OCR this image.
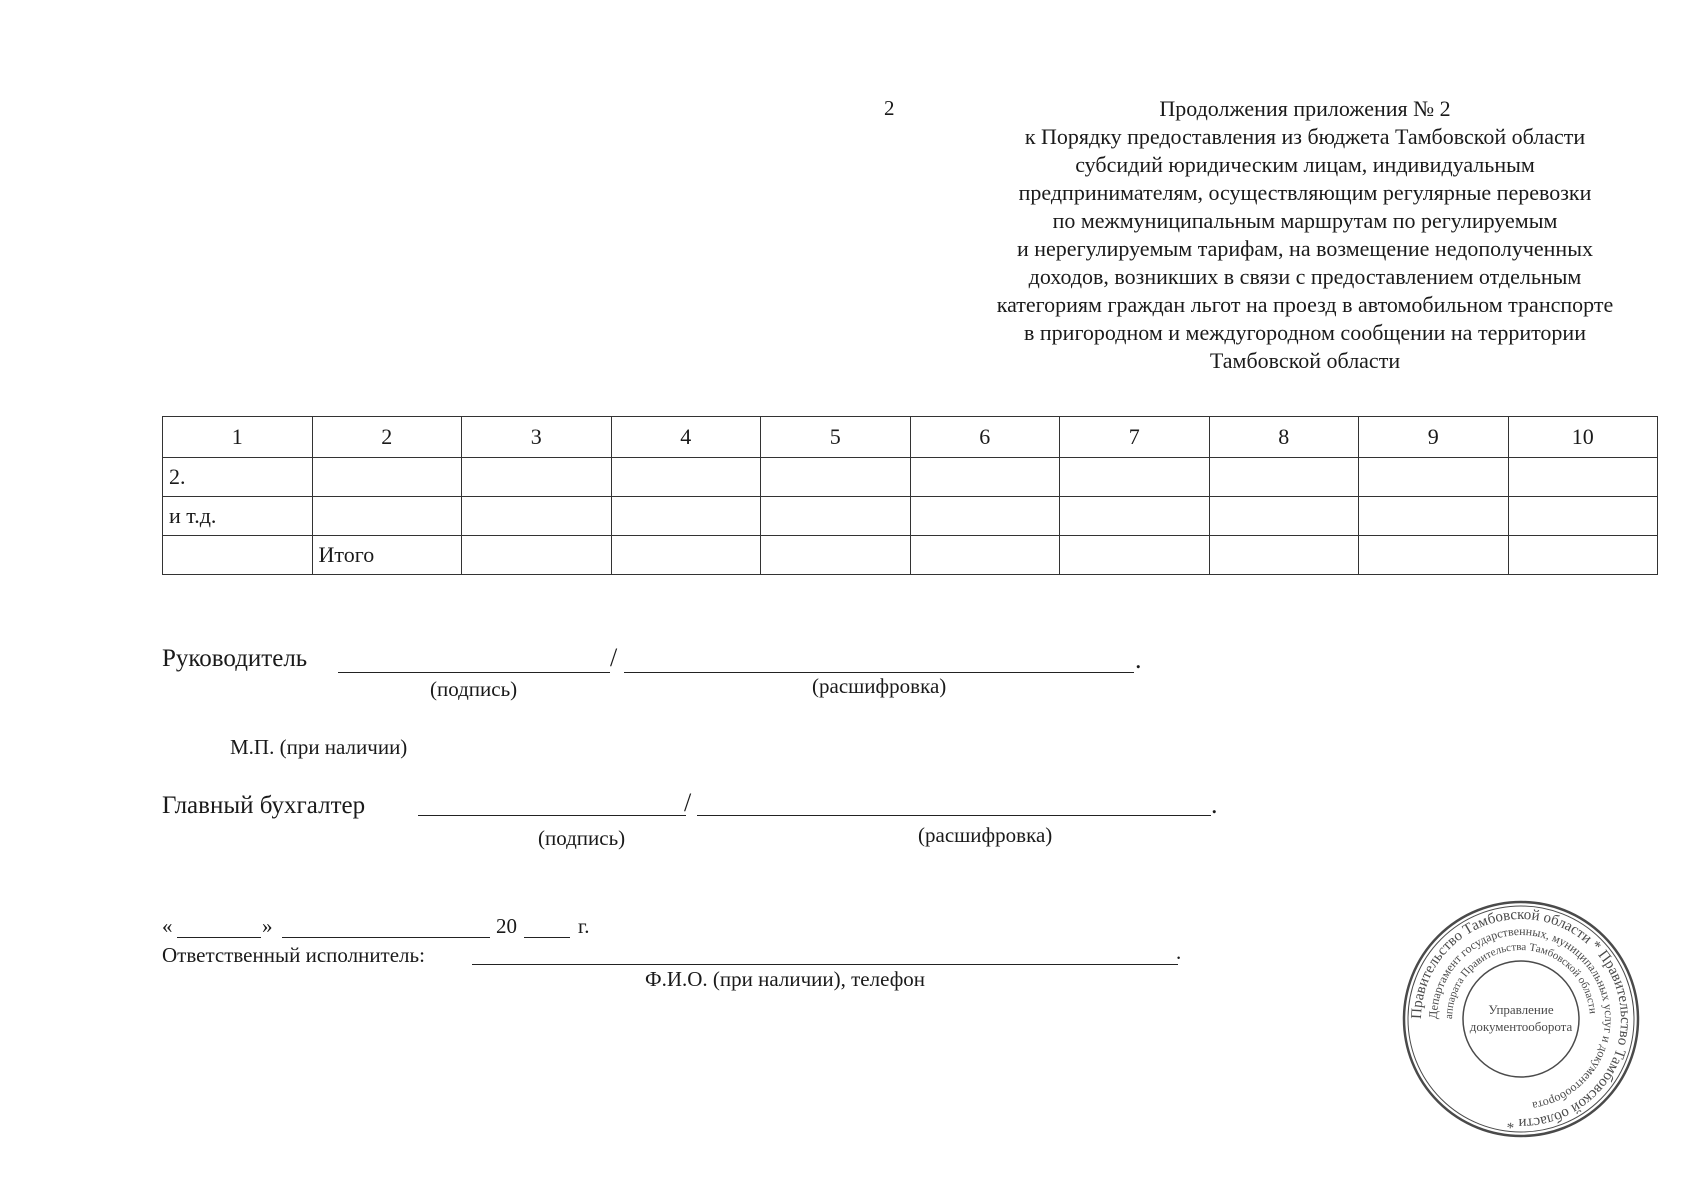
2	Продолжения приложения № 2
к Порядку предоставления из бюджета Тамбовской области
субсидий юридическим лицам, индивидуальным
предпринимателям, осуществляющим регулярные перевозки
по межмуниципальным маршрутам по регулируемым
и нерегулируемым тарифам, на возмещение недополученных
доходов, возникших в связи с предоставлением отдельным
категориям граждан льгот на проезд в автомобильном транспорте
в пригородном и междугородном сообщении на территории
Тамбовской области
1	2	3	4	5	6	7	8	9	10
2.									
и т.д.									
	Итого								
Руководитель	/	.
(подпись)	(расшифровка)
М.П. (при наличии)
Главный бухгалтер	/	.
(подпись)	(расшифровка)
«	»	20	г.
Ответственный исполнитель:	.
Ф.И.О. (при наличии), телефон
Правительство Тамбовской области * Правительство Тамбовской области *
Департамент государственных, муниципальных услуг и документооборота
аппарата Правительства Тамбовской области
Управление
документооборота
